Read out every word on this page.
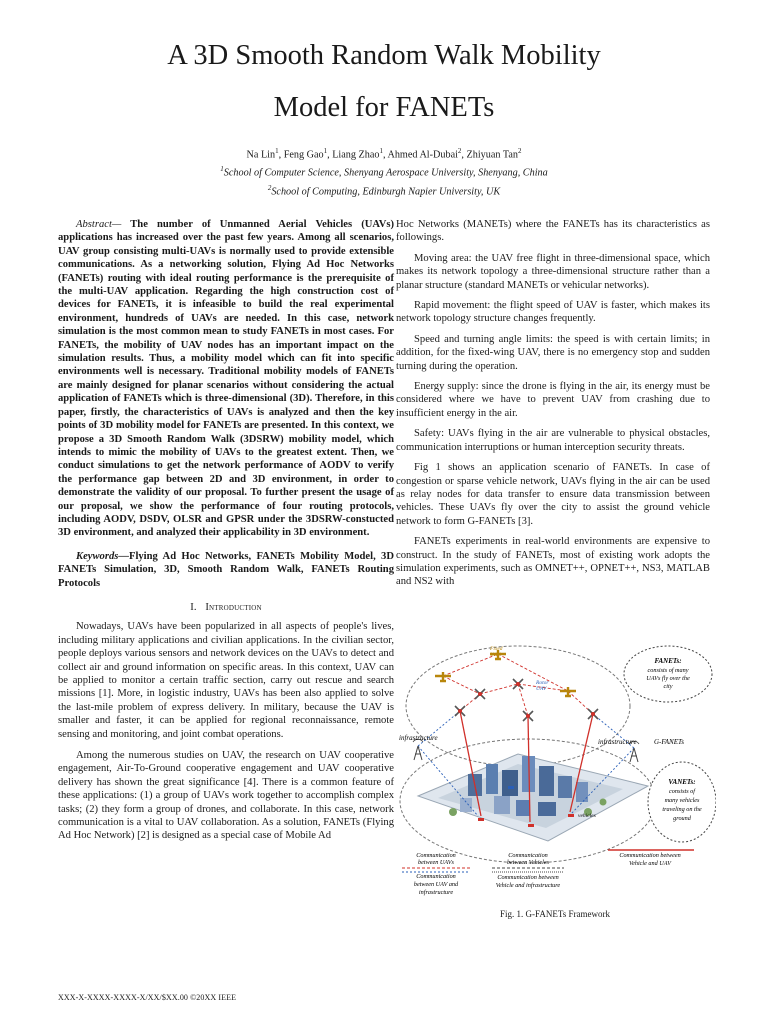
A 3D Smooth Random Walk Mobility
Model for FANETs
Na Lin$^1$, Feng Gao$^1$, Liang Zhao$^1$, Ahmed Al-Dubai$^2$, Zhiyuan Tan$^2$
$^1$School of Computer Science, Shenyang Aerospace University, Shenyang, China
$^2$School of Computing, Edinburgh Napier University, UK

Abstract— The number of Unmanned Aerial Vehicles (UAVs) applications has increased over the past few years. Among all scenarios, UAV group consisting multi-UAVs is normally used to provide extensible communications. As a networking solution, Flying Ad Hoc Networks (FANETs) routing with ideal routing performance is the prerequisite of the multi-UAV application. Regarding the high construction cost of devices for FANETs, it is infeasible to build the real experimental environment, hundreds of UAVs are needed. In this case, network simulation is the most common mean to study FANETs in most cases. For FANETs, the mobility of UAV nodes has an important impact on the simulation results. Thus, a mobility model which can fit into specific environments well is necessary. Traditional mobility models of FANETs are mainly designed for planar scenarios without considering the actual application of FANETs which is three-dimensional (3D). Therefore, in this paper, firstly, the characteristics of UAVs is analyzed and then the key points of 3D mobility model for FANETs are presented. In this context, we propose a 3D Smooth Random Walk (3DSRW) mobility model, which intends to mimic the mobility of UAVs to the greatest extent. Then, we conduct simulations to get the network performance of AODV to verify the performance gap between 2D and 3D environment, in order to demonstrate the validity of our proposal. To further present the usage of our proposal, we show the performance of four routing protocols, including AODV, DSDV, OLSR and GPSR under the 3DSRW-constucted 3D environment, and analyzed their applicability in 3D environment.

Keywords—Flying Ad Hoc Networks, FANETs Mobility Model, 3D FANETs Simulation, 3D, Smooth Random Walk, FANETs Routing Protocols

I. Introduction

Nowadays, UAVs have been popularized in all aspects of people's lives, including military applications and civilian applications. In the civilian sector, people deploys various sensors and network devices on the UAVs to detect and collect air and ground information on specific areas. In this context, UAV can be applied to monitor a certain traffic section, carry out rescue and search missions [1]. More, in logistic industry, UAVs has been also applied to solve the last-mile problem of express delivery. In military, because the UAV is smaller and faster, it can be applied for regional reconnaissance, remote sensing and monitoring, and joint combat operations.

Among the numerous studies on UAV, the research on UAV cooperative engagement, Air-To-Ground cooperative engagement and UAV cooperative delivery has shown the great significance [4]. There is a common feature of these applications: (1) a group of UAVs work together to accomplish complex tasks; (2) they form a group of drones, and collaborate. In this case, network communication is a vital to UAV collaboration. As a solution, FANETs (Flying Ad Hoc Network) [2] is designed as a special case of Mobile Ad

Hoc Networks (MANETs) where the FANETs has its characteristics as followings.

Moving area: the UAV free flight in three-dimensional space, which makes its network topology a three-dimensional structure rather than a planar structure (standard MANETs or vehicular networks).

Rapid movement: the flight speed of UAV is faster, which makes its network topology structure changes frequently.

Speed and turning angle limits: the speed is with certain limits; in addition, for the fixed-wing UAV, there is no emergency stop and sudden turning during the operation.

Energy supply: since the drone is flying in the air, its energy must be considered where we have to prevent UAV from crashing due to insufficient energy in the air.

Safety: UAVs flying in the air are vulnerable to physical obstacles, communication interruptions or human interception security threats.

Fig 1 shows an application scenario of FANETs. In case of congestion or sparse vehicle network, UAVs flying in the air can be used as relay nodes for data transfer to ensure data transmission between vehicles. These UAVs fly over the city to assist the ground vehicle network to form G-FANETs [3].

FANETs experiments in real-world environments are expensive to construct. In the study of FANETs, most of existing work adopts the simulation experiments, such as OMNET++, OPNET++, NS3, MATLAB and NS2 with

Fixed UAV
Rotor UAV
infrastructure	infrastructure G-FANETs
vehicles
FANETs:
consists of many
UAVs fly over the
city
VANETs:
consists of
many vehicles
traveling on the
ground
Communication
between UAVs
Communication
between UAV and
infrastructure
Communication
between Vehicles
Communication between
Vehicle and infrastructure
Communication between
Vehicle and UAV
Fig. 1. G-FANETs Framework
XXX-X-XXXX-XXXX-X/XX/$XX.00 ©20XX IEEE
